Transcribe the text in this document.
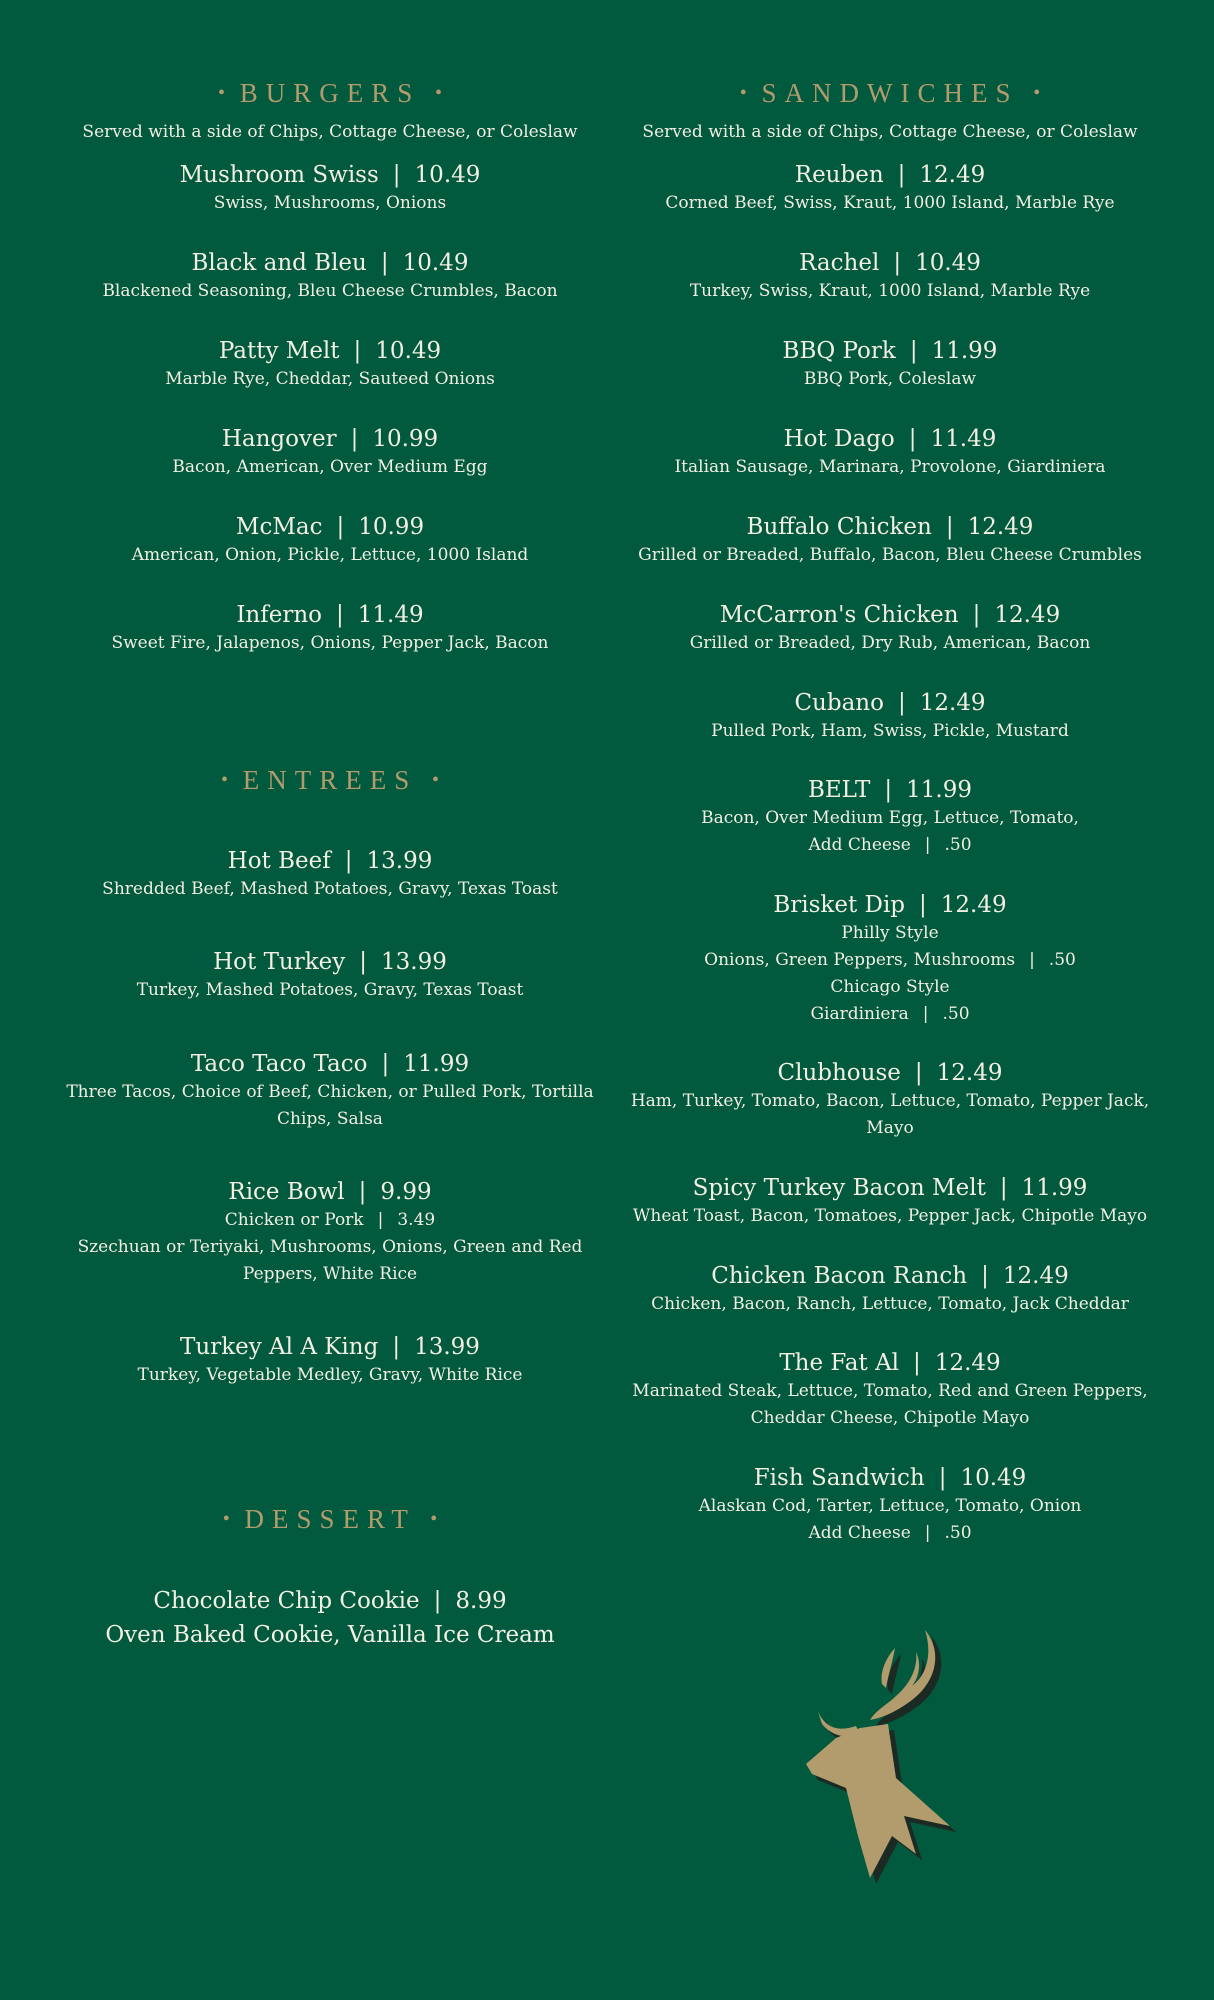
• BURGERS •
Served with a side of Chips, Cottage Cheese, or Coleslaw
Mushroom Swiss | 10.49
Swiss, Mushrooms, Onions
Black and Bleu | 10.49
Blackened Seasoning, Bleu Cheese Crumbles, Bacon
Patty Melt | 10.49
Marble Rye, Cheddar, Sauteed Onions
Hangover | 10.99
Bacon, American, Over Medium Egg
McMac | 10.99
American, Onion, Pickle, Lettuce, 1000 Island
Inferno | 11.49
Sweet Fire, Jalapenos, Onions, Pepper Jack, Bacon
• ENTREES •
Hot Beef | 13.99
Shredded Beef, Mashed Potatoes, Gravy, Texas Toast
Hot Turkey | 13.99
Turkey, Mashed Potatoes, Gravy, Texas Toast
Taco Taco Taco | 11.99
Three Tacos, Choice of Beef, Chicken, or Pulled Pork, Tortilla Chips, Salsa
Rice Bowl | 9.99
Chicken or Pork | 3.49
Szechuan or Teriyaki, Mushrooms, Onions, Green and Red Peppers, White Rice
Turkey Al A King | 13.99
Turkey, Vegetable Medley, Gravy, White Rice
• DESSERT •
Chocolate Chip Cookie | 8.99
Oven Baked Cookie, Vanilla Ice Cream
• SANDWICHES •
Served with a side of Chips, Cottage Cheese, or Coleslaw
Reuben | 12.49
Corned Beef, Swiss, Kraut, 1000 Island, Marble Rye
Rachel | 10.49
Turkey, Swiss, Kraut, 1000 Island, Marble Rye
BBQ Pork | 11.99
BBQ Pork, Coleslaw
Hot Dago | 11.49
Italian Sausage, Marinara, Provolone, Giardiniera
Buffalo Chicken | 12.49
Grilled or Breaded, Buffalo, Bacon, Bleu Cheese Crumbles
McCarron's Chicken | 12.49
Grilled or Breaded, Dry Rub, American, Bacon
Cubano | 12.49
Pulled Pork, Ham, Swiss, Pickle, Mustard
BELT | 11.99
Bacon, Over Medium Egg, Lettuce, Tomato,
Add Cheese | .50
Brisket Dip | 12.49
Philly Style
Onions, Green Peppers, Mushrooms | .50
Chicago Style
Giardiniera | .50
Clubhouse | 12.49
Ham, Turkey, Tomato, Bacon, Lettuce, Tomato, Pepper Jack, Mayo
Spicy Turkey Bacon Melt | 11.99
Wheat Toast, Bacon, Tomatoes, Pepper Jack, Chipotle Mayo
Chicken Bacon Ranch | 12.49
Chicken, Bacon, Ranch, Lettuce, Tomato, Jack Cheddar
The Fat Al | 12.49
Marinated Steak, Lettuce, Tomato, Red and Green Peppers, Cheddar Cheese, Chipotle Mayo
Fish Sandwich | 10.49
Alaskan Cod, Tarter, Lettuce, Tomato, Onion
Add Cheese | .50
